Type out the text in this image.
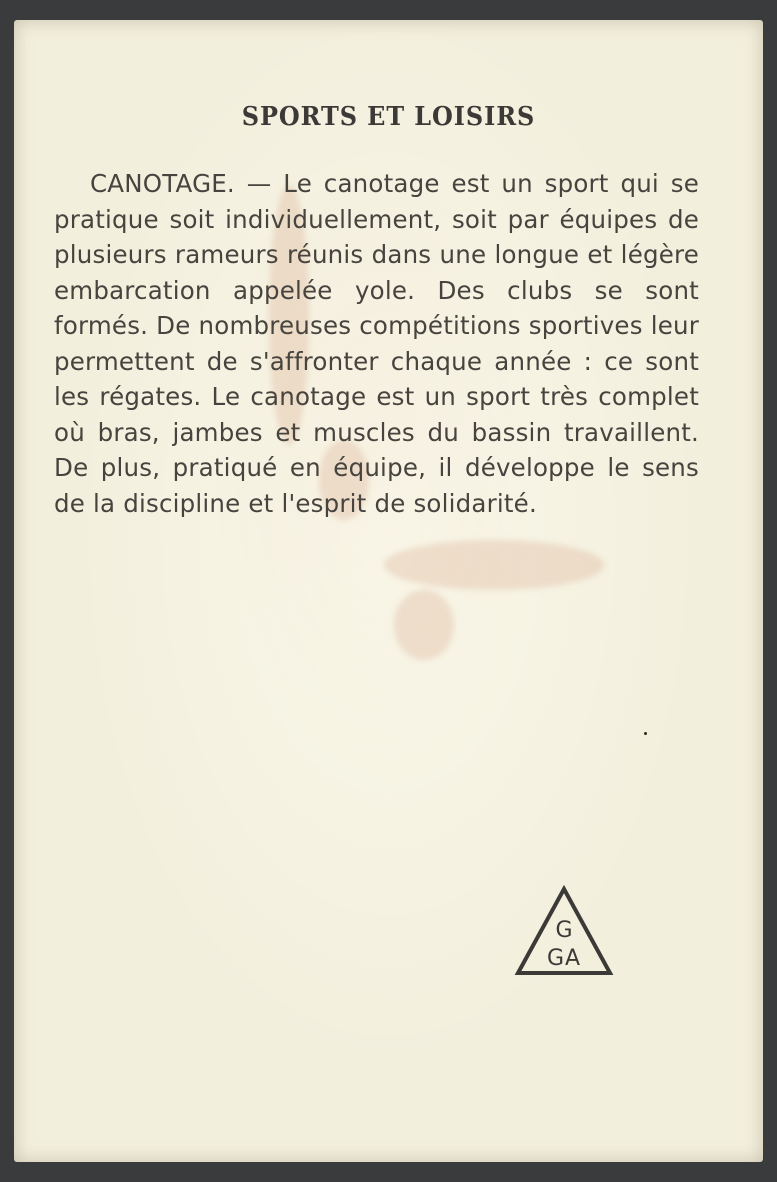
SPORTS ET LOISIRS

CANOTAGE. — Le canotage est un sport qui se pratique soit individuellement, soit par équipes de plusieurs rameurs réunis dans une longue et légère embarcation appelée yole. Des clubs se sont formés. De nombreuses compétitions sportives leur permettent de s'affronter chaque année : ce sont les régates. Le canotage est un sport très complet où bras, jambes et muscles du bassin travaillent. De plus, pratiqué en équipe, il développe le sens de la discipline et l'esprit de solidarité.

G
GA
